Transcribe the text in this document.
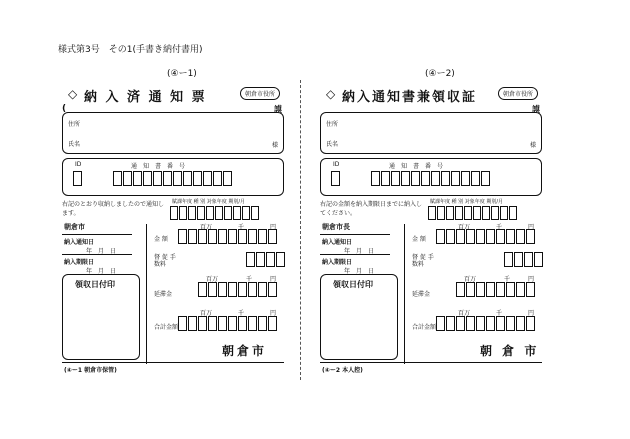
様式第3号　その1(手書き納付書用)
(④ー1)
◇ 納 入 済 通 知 票	朝倉市役所
(	謨
住所
氏名	様
ID	通　知　書　番　号
賦課年度 種 別 対象年度 期別/月
右記のとおり収納しましたので通知します。
朝倉市
納入通知日
年　月　日
納入期限日
年　月　日
領収日付印
金 額
百万	千	円
督 促 手数料
延滞金
百万	千	円
合計金額
百万	千	円
朝倉市
(④ー1 朝倉市保管)
(④ー2)
◇ 納入通知書兼領収証	朝倉市役所
謨
住所
氏名	様
ID	通　知　書　番　号
賦課年度 種 別 対象年度 期別/月
右記の金額を納入期限日までに納入してください。
朝倉市長
納入通知日
年　月　日
納入期限日
年　月　日
領収日付印
金 額
百万	千	円
督 促 手数料
延滞金
百万	千	円
合計金額
百万	千	円
朝 倉 市
(④ー2 本人控)
